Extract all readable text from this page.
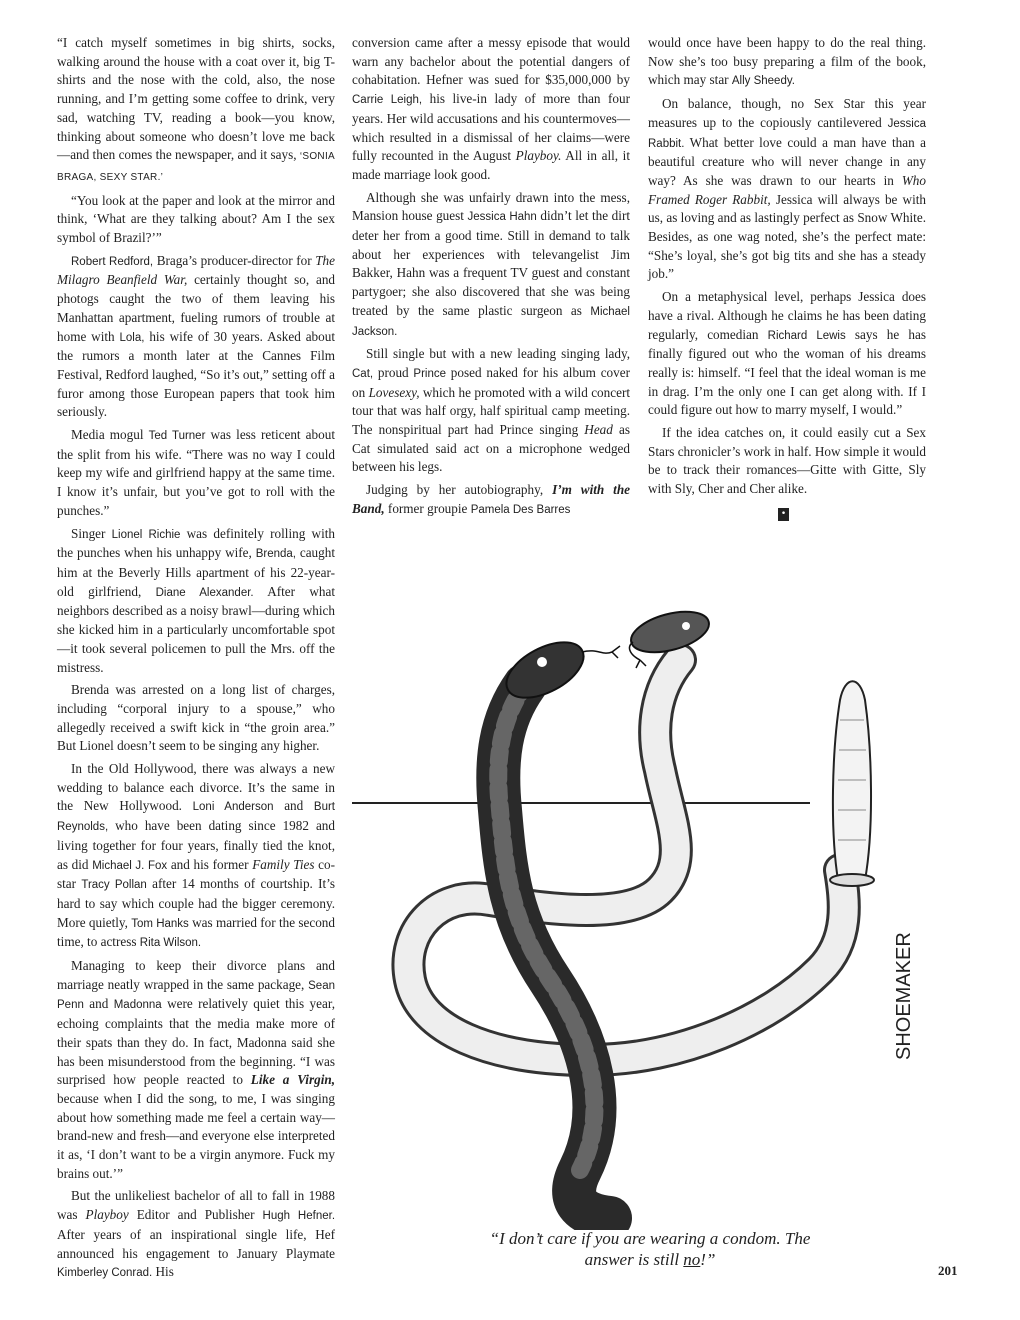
“I catch myself sometimes in big shirts, socks, walking around the house with a coat over it, big T-shirts and the nose with the cold, also, the nose running, and I’m getting some coffee to drink, very sad, watching TV, reading a book—you know, thinking about someone who doesn’t love me back—and then comes the newspaper, and it says, ‘SONIA BRAGA, SEXY STAR.’

“You look at the paper and look at the mirror and think, ‘What are they talking about? Am I the sex symbol of Brazil?’”

Robert Redford, Braga’s producer-director for The Milagro Beanfield War, certainly thought so, and photogs caught the two of them leaving his Manhattan apartment, fueling rumors of trouble at home with Lola, his wife of 30 years. Asked about the rumors a month later at the Cannes Film Festival, Redford laughed, “So it’s out,” setting off a furor among those European papers that took him seriously.

Media mogul Ted Turner was less reticent about the split from his wife. “There was no way I could keep my wife and girlfriend happy at the same time. I know it’s unfair, but you’ve got to roll with the punches.”

Singer Lionel Richie was definitely rolling with the punches when his unhappy wife, Brenda, caught him at the Beverly Hills apartment of his 22-year-old girlfriend, Diane Alexander. After what neighbors described as a noisy brawl—during which she kicked him in a particularly uncomfortable spot—it took several policemen to pull the Mrs. off the mistress.

Brenda was arrested on a long list of charges, including “corporal injury to a spouse,” who allegedly received a swift kick in “the groin area.” But Lionel doesn’t seem to be singing any higher.

In the Old Hollywood, there was always a new wedding to balance each divorce. It’s the same in the New Hollywood. Loni Anderson and Burt Reynolds, who have been dating since 1982 and living together for four years, finally tied the knot, as did Michael J. Fox and his former Family Ties co-star Tracy Pollan after 14 months of courtship. It’s hard to say which couple had the bigger ceremony. More quietly, Tom Hanks was married for the second time, to actress Rita Wilson.

Managing to keep their divorce plans and marriage neatly wrapped in the same package, Sean Penn and Madonna were relatively quiet this year, echoing complaints that the media make more of their spats than they do. In fact, Madonna said she has been misunderstood from the beginning. “I was surprised how people reacted to Like a Virgin, because when I did the song, to me, I was singing about how something made me feel a certain way—brand-new and fresh—and everyone else interpreted it as, ‘I don’t want to be a virgin anymore. Fuck my brains out.’”

But the unlikeliest bachelor of all to fall in 1988 was Playboy Editor and Publisher Hugh Hefner. After years of an inspirational single life, Hef announced his engagement to January Playmate Kimberley Conrad. His

conversion came after a messy episode that would warn any bachelor about the potential dangers of cohabitation. Hefner was sued for $35,000,000 by Carrie Leigh, his live-in lady of more than four years. Her wild accusations and his countermoves—which resulted in a dismissal of her claims—were fully recounted in the August Playboy. All in all, it made marriage look good.

Although she was unfairly drawn into the mess, Mansion house guest Jessica Hahn didn’t let the dirt deter her from a good time. Still in demand to talk about her experiences with televangelist Jim Bakker, Hahn was a frequent TV guest and constant partygoer; she also discovered that she was being treated by the same plastic surgeon as Michael Jackson.

Still single but with a new leading singing lady, Cat, proud Prince posed naked for his album cover on Lovesexy, which he promoted with a wild concert tour that was half orgy, half spiritual camp meeting. The nonspiritual part had Prince singing Head as Cat simulated said act on a microphone wedged between his legs.

Judging by her autobiography, I’m with the Band, former groupie Pamela Des Barres

would once have been happy to do the real thing. Now she’s too busy preparing a film of the book, which may star Ally Sheedy.

On balance, though, no Sex Star this year measures up to the copiously cantilevered Jessica Rabbit. What better love could a man have than a beautiful creature who will never change in any way? As she was drawn to our hearts in Who Framed Roger Rabbit, Jessica will always be with us, as loving and as lastingly perfect as Snow White. Besides, as one wag noted, she’s the perfect mate: “She’s loyal, she’s got big tits and she has a steady job.”

On a metaphysical level, perhaps Jessica does have a rival. Although he claims he has been dating regularly, comedian Richard Lewis says he has finally figured out who the woman of his dreams really is: himself. “I feel that the ideal woman is me in drag. I’m the only one I can get along with. If I could figure out how to marry myself, I would.”

If the idea catches on, it could easily cut a Sex Stars chronicler’s work in half. How simple it would be to track their romances—Gitte with Gitte, Sly with Sly, Cher and Cher alike.

•
SHOEMAKER
“I don’t care if you are wearing a condom. The
answer is still no!”
201
